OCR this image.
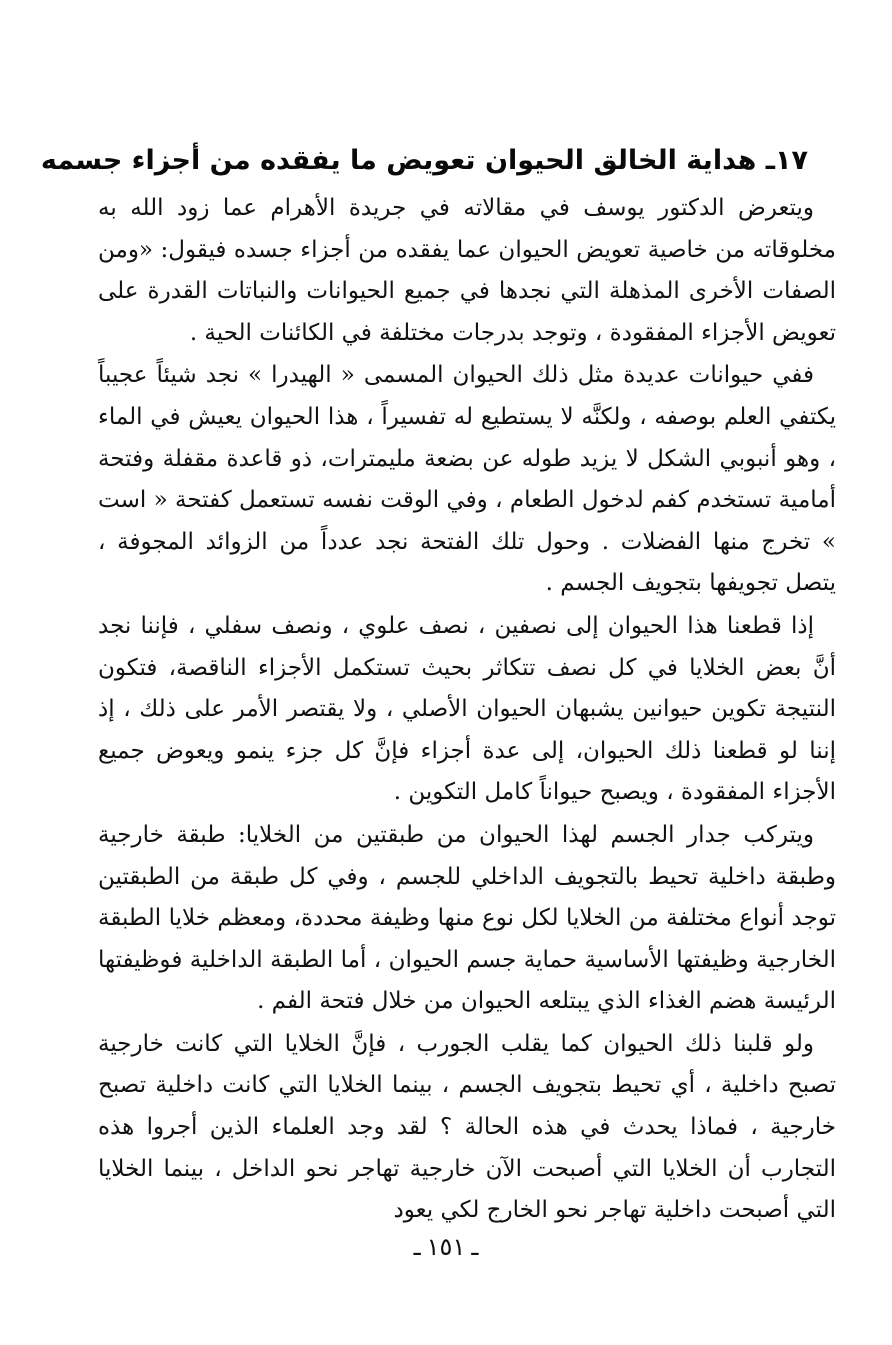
١٧ـ هداية الخالق الحيوان تعويض ما يفقده من أجزاء جسمه

ويتعرض الدكتور يوسف في مقالاته في جريدة الأهرام عما زود الله به مخلوقاته من خاصية تعويض الحيوان عما يفقده من أجزاء جسده فيقول: «ومن الصفات الأخرى المذهلة التي نجدها في جميع الحيوانات والنباتات القدرة على تعويض الأجزاء المفقودة ، وتوجد بدرجات مختلفة في الكائنات الحية .

ففي حيوانات عديدة مثل ذلك الحيوان المسمى « الهيدرا » نجد شيئاً عجيباً يكتفي العلم بوصفه ، ولكنَّه لا يستطيع له تفسيراً ، هذا الحيوان يعيش في الماء ، وهو أنبوبي الشكل لا يزيد طوله عن بضعة مليمترات، ذو قاعدة مقفلة وفتحة أمامية تستخدم كفم لدخول الطعام ، وفي الوقت نفسه تستعمل كفتحة « است » تخرج منها الفضلات . وحول تلك الفتحة نجد عدداً من الزوائد المجوفة ، يتصل تجويفها بتجويف الجسم .

إذا قطعنا هذا الحيوان إلى نصفين ، نصف علوي ، ونصف سفلي ، فإننا نجد أنَّ بعض الخلايا في كل نصف تتكاثر بحيث تستكمل الأجزاء الناقصة، فتكون النتيجة تكوين حيوانين يشبهان الحيوان الأصلي ، ولا يقتصر الأمر على ذلك ، إذ إننا لو قطعنا ذلك الحيوان، إلى عدة أجزاء فإنَّ كل جزء ينمو ويعوض جميع الأجزاء المفقودة ، ويصبح حيواناً كامل التكوين .

ويتركب جدار الجسم لهذا الحيوان من طبقتين من الخلايا: طبقة خارجية وطبقة داخلية تحيط بالتجويف الداخلي للجسم ، وفي كل طبقة من الطبقتين توجد أنواع مختلفة من الخلايا لكل نوع منها وظيفة محددة، ومعظم خلايا الطبقة الخارجية وظيفتها الأساسية حماية جسم الحيوان ، أما الطبقة الداخلية فوظيفتها الرئيسة هضم الغذاء الذي يبتلعه الحيوان من خلال فتحة الفم .

ولو قلبنا ذلك الحيوان كما يقلب الجورب ، فإنَّ الخلايا التي كانت خارجية تصبح داخلية ، أي تحيط بتجويف الجسم ، بينما الخلايا التي كانت داخلية تصبح خارجية ، فماذا يحدث في هذه الحالة ؟ لقد وجد العلماء الذين أجروا هذه التجارب أن الخلايا التي أصبحت الآن خارجية تهاجر نحو الداخل ، بينما الخلايا التي أصبحت داخلية تهاجر نحو الخارج لكي يعود

ـ١٥١ـ
